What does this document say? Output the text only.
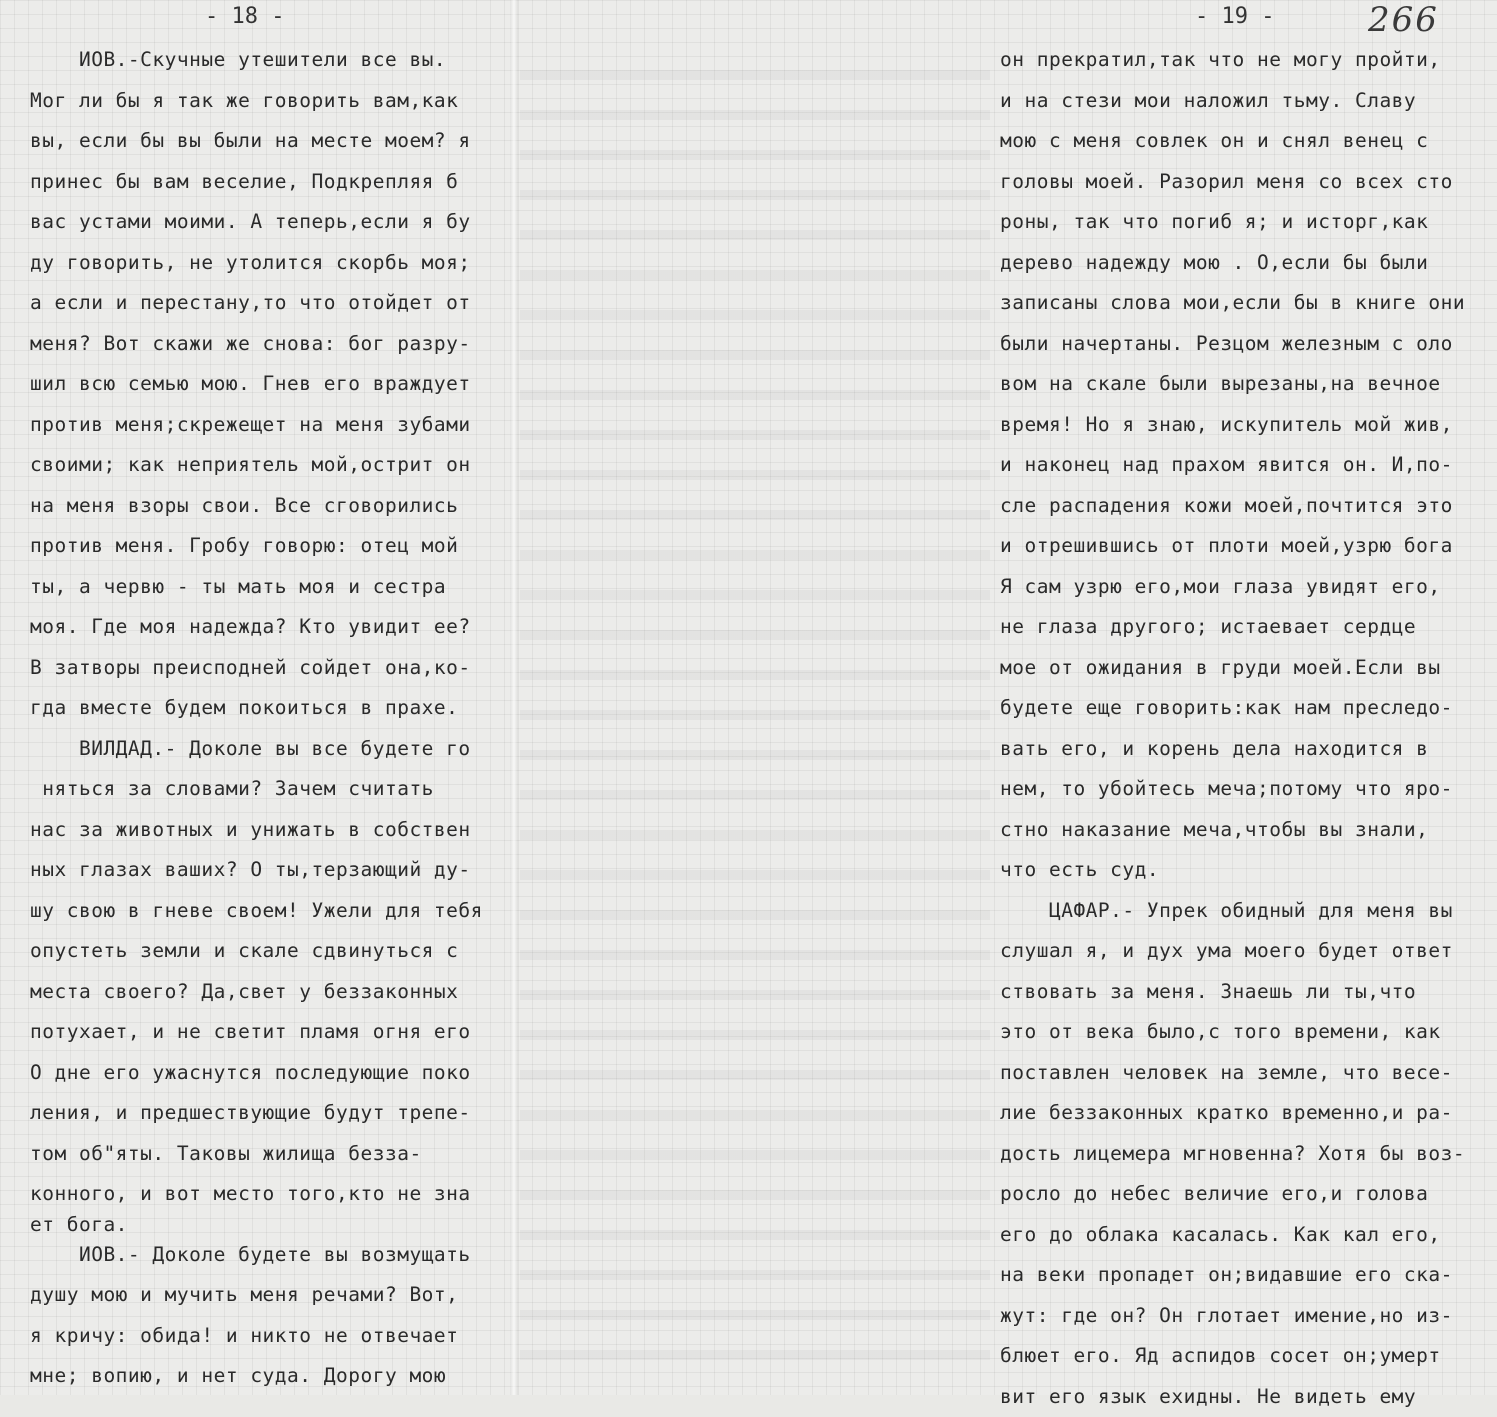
- 18 -	- 19 -	266
ИОВ.-Скучные утешители все вы.
Мог ли бы я так же говорить вам,как
вы, если бы вы были на месте моем? я
принес бы вам веселие, Подкрепляя б
вас устами моими. А теперь,если я бу
ду говорить, не утолится скорбь моя;
а если и перестану,то что отойдет от
меня? Вот скажи же снова: бог разру-
шил всю семью мою. Гнев его враждует
против меня;скрежещет на меня зубами
своими; как неприятель мой,острит он
на меня взоры свои. Все сговорились
против меня. Гробу говорю: отец мой
ты, а червю - ты мать моя и сестра
моя. Где моя надежда? Кто увидит ее?
В затворы преисподней сойдет она,ко-
гда вместе будем покоиться в прахе.
ВИЛДАД.- Доколе вы все будете го
няться за словами? Зачем считать
нас за животных и унижать в собствен
ных глазах ваших? О ты,терзающий ду-
шу свою в гневе своем! Ужели для тебя
опустеть земли и скале сдвинуться с
места своего? Да,свет у беззаконных
потухает, и не светит пламя огня его
О дне его ужаснутся последующие поко
ления, и предшествующие будут трепе-
том об"яты. Таковы жилища безза-
конного, и вот место того,кто не зна
ет бога.
ИОВ.- Доколе будете вы возмущать
душу мою и мучить меня речами? Вот,
я кричу: обида! и никто не отвечает
мне; вопию, и нет суда. Дорогу мою
он прекратил,так что не могу пройти,
и на стези мои наложил тьму. Славу
мою с меня совлек он и снял венец с
головы моей. Разорил меня со всех сто
роны, так что погиб я; и исторг,как
дерево надежду мою . О,если бы были
записаны слова мои,если бы в книге они
были начертаны. Резцом железным с оло
вом на скале были вырезаны,на вечное
время! Но я знаю, искупитель мой жив,
и наконец над прахом явится он. И,по-
сле распадения кожи моей,почтится это
и отрешившись от плоти моей,узрю бога
Я сам узрю его,мои глаза увидят его,
не глаза другого; истаевает сердце
мое от ожидания в груди моей.Если вы
будете еще говорить:как нам преследо-
вать его, и корень дела находится в
нем, то убойтесь меча;потому что яро-
стно наказание меча,чтобы вы знали,
что есть суд.
ЦАФАР.- Упрек обидный для меня вы
слушал я, и дух ума моего будет ответ
ствовать за меня. Знаешь ли ты,что
это от века было,с того времени, как
поставлен человек на земле, что весе-
лие беззаконных кратко временно,и ра-
дость лицемера мгновенна? Хотя бы воз-
росло до небес величие его,и голова
его до облака касалась. Как кал его,
на веки пропадет он;видавшие его ска-
жут: где он? Он глотает имение,но из-
блюет его. Яд аспидов сосет он;умерт
вит его язык ехидны. Не видеть ему
